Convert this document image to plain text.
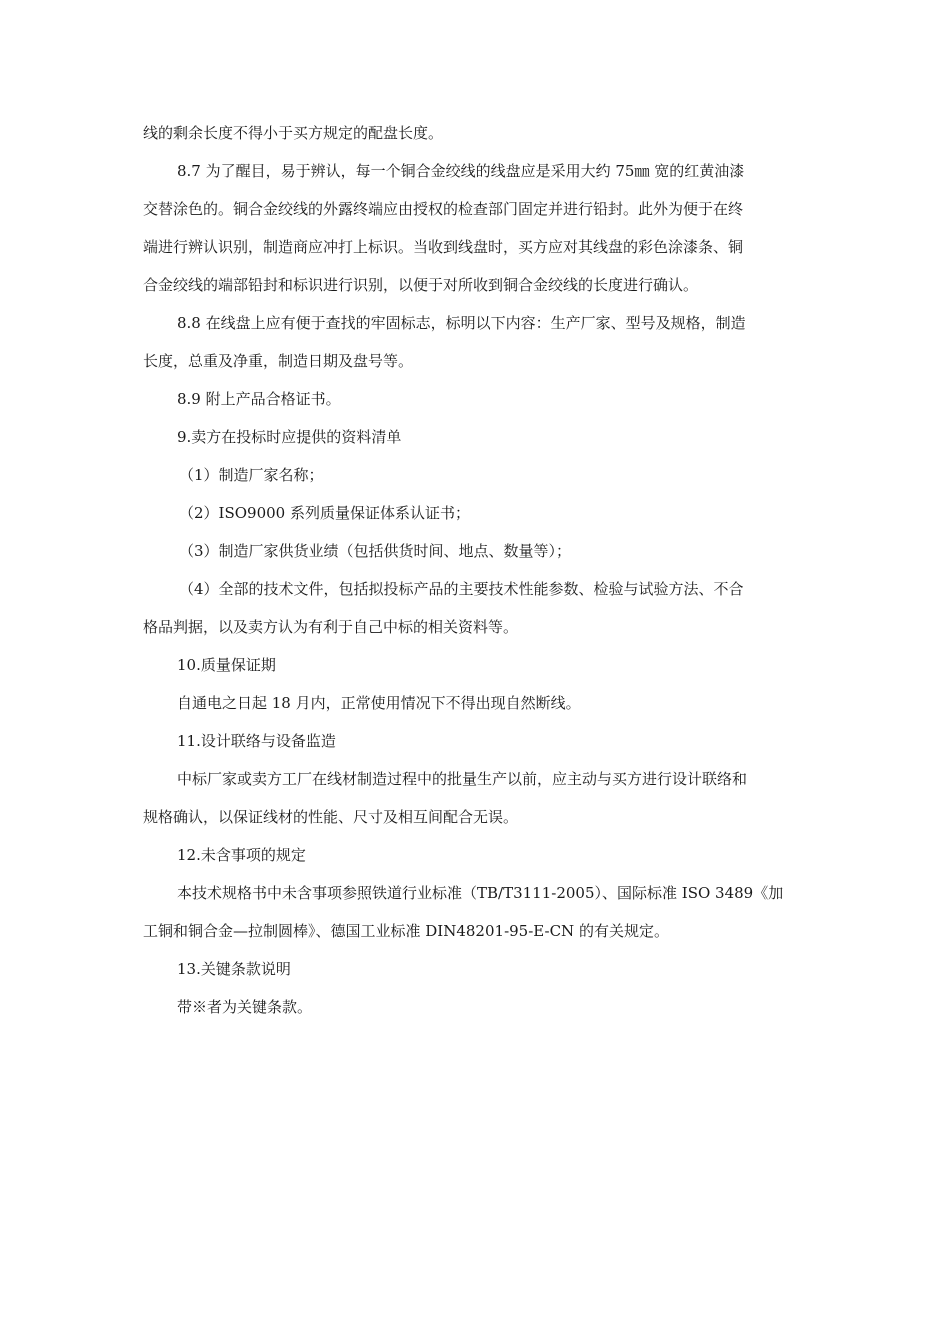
线的剩余长度不得小于买方规定的配盘长度。
8.7 为了醒目，易于辨认，每一个铜合金绞线的线盘应是采用大约 75㎜ 宽的红黄油漆
交替涂色的。铜合金绞线的外露终端应由授权的检查部门固定并进行铅封。此外为便于在终
端进行辨认识别，制造商应冲打上标识。当收到线盘时，买方应对其线盘的彩色涂漆条、铜
合金绞线的端部铅封和标识进行识别，以便于对所收到铜合金绞线的长度进行确认。
8.8 在线盘上应有便于查找的牢固标志，标明以下内容：生产厂家、型号及规格，制造
长度，总重及净重，制造日期及盘号等。
8.9 附上产品合格证书。
9.卖方在投标时应提供的资料清单
（1）制造厂家名称；
（2）ISO9000 系列质量保证体系认证书；
（3）制造厂家供货业绩（包括供货时间、地点、数量等）；
（4）全部的技术文件，包括拟投标产品的主要技术性能参数、检验与试验方法、不合
格品判据，以及卖方认为有利于自己中标的相关资料等。
10.质量保证期
自通电之日起 18 月内，正常使用情况下不得出现自然断线。
11.设计联络与设备监造
中标厂家或卖方工厂在线材制造过程中的批量生产以前，应主动与买方进行设计联络和
规格确认，以保证线材的性能、尺寸及相互间配合无误。
12.未含事项的规定
本技术规格书中未含事项参照铁道行业标准（TB/T3111-2005）、国际标准 ISO 3489《加
工铜和铜合金—拉制圆棒》、德国工业标准 DIN48201-95-E-CN 的有关规定。
13.关键条款说明
带※者为关键条款。
